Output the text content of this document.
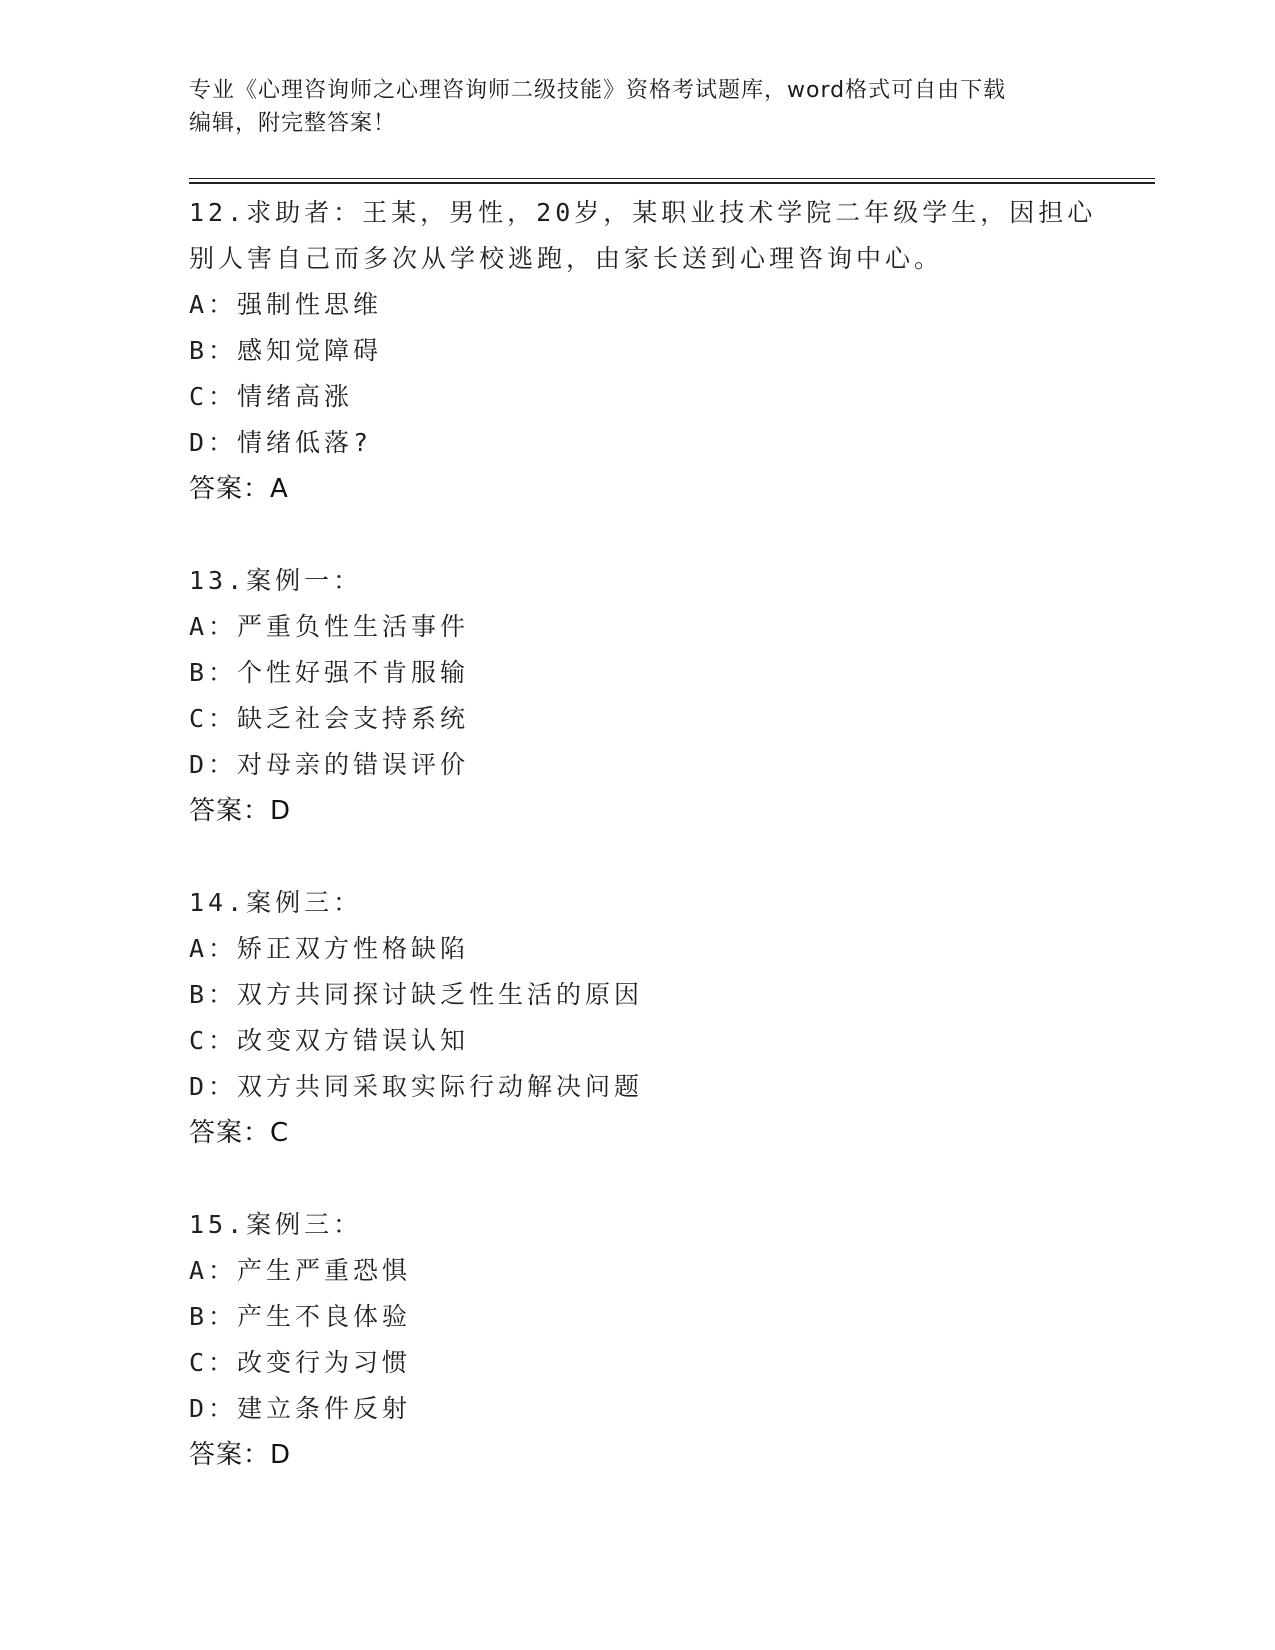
专业《心理咨询师之心理咨询师二级技能》资格考试题库，word格式可自由下载
编辑，附完整答案！
12.求助者：王某，男性，20岁，某职业技术学院二年级学生，因担心
别人害自己而多次从学校逃跑，由家长送到心理咨询中心。
A：强制性思维
B：感知觉障碍
C：情绪高涨
D：情绪低落?
答案：A
13.案例一：
A：严重负性生活事件
B：个性好强不肯服输
C：缺乏社会支持系统
D：对母亲的错误评价
答案：D
14.案例三：
A：矫正双方性格缺陷
B：双方共同探讨缺乏性生活的原因
C：改变双方错误认知
D：双方共同采取实际行动解决问题
答案：C
15.案例三：
A：产生严重恐惧
B：产生不良体验
C：改变行为习惯
D：建立条件反射
答案：D
